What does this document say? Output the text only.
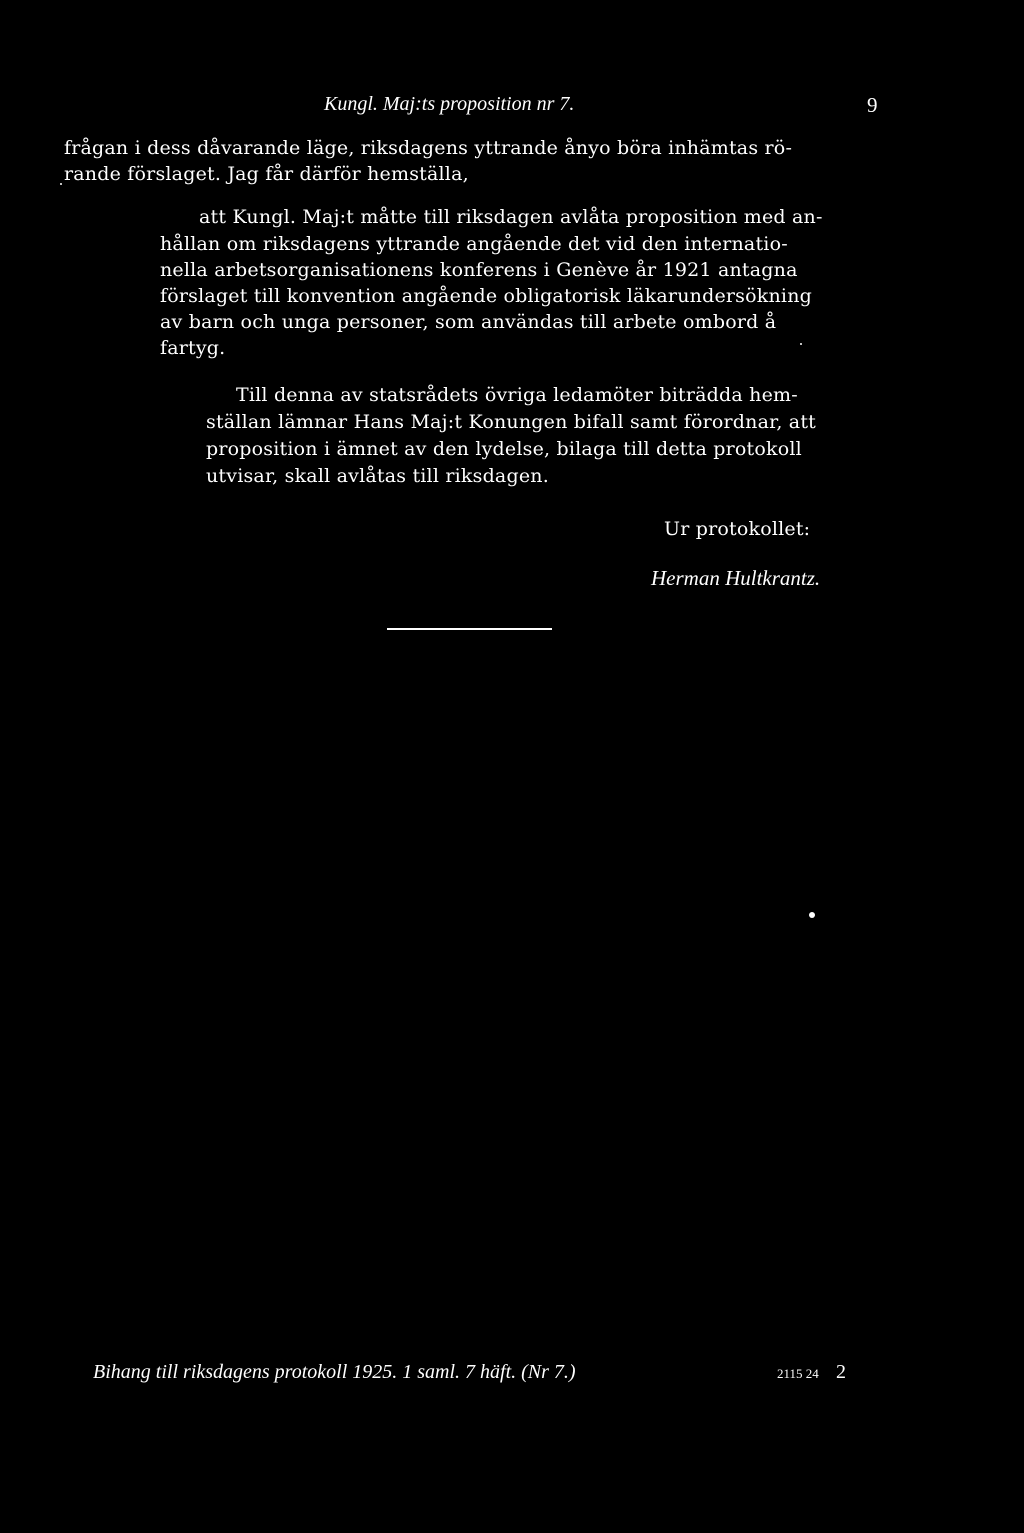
Kungl. Maj:ts proposition nr 7.	9
frågan i dess dåvarande läge, riksdagens yttrande ånyo böra inhämtas rö-
rande förslaget. Jag får därför hemställa,
att Kungl. Maj:t måtte till riksdagen avlåta proposition med an-
hållan om riksdagens yttrande angående det vid den internatio-
nella arbetsorganisationens konferens i Genève år 1921 antagna
förslaget till konvention angående obligatorisk läkarundersökning
av barn och unga personer, som användas till arbete ombord å
fartyg.
Till denna av statsrådets övriga ledamöter biträdda hem-
ställan lämnar Hans Maj:t Konungen bifall samt förordnar, att
proposition i ämnet av den lydelse, bilaga till detta protokoll
utvisar, skall avlåtas till riksdagen.
Ur protokollet:
Herman Hultkrantz.
Bihang till riksdagens protokoll 1925. 1 saml. 7 häft. (Nr 7.)	2115 24 2
